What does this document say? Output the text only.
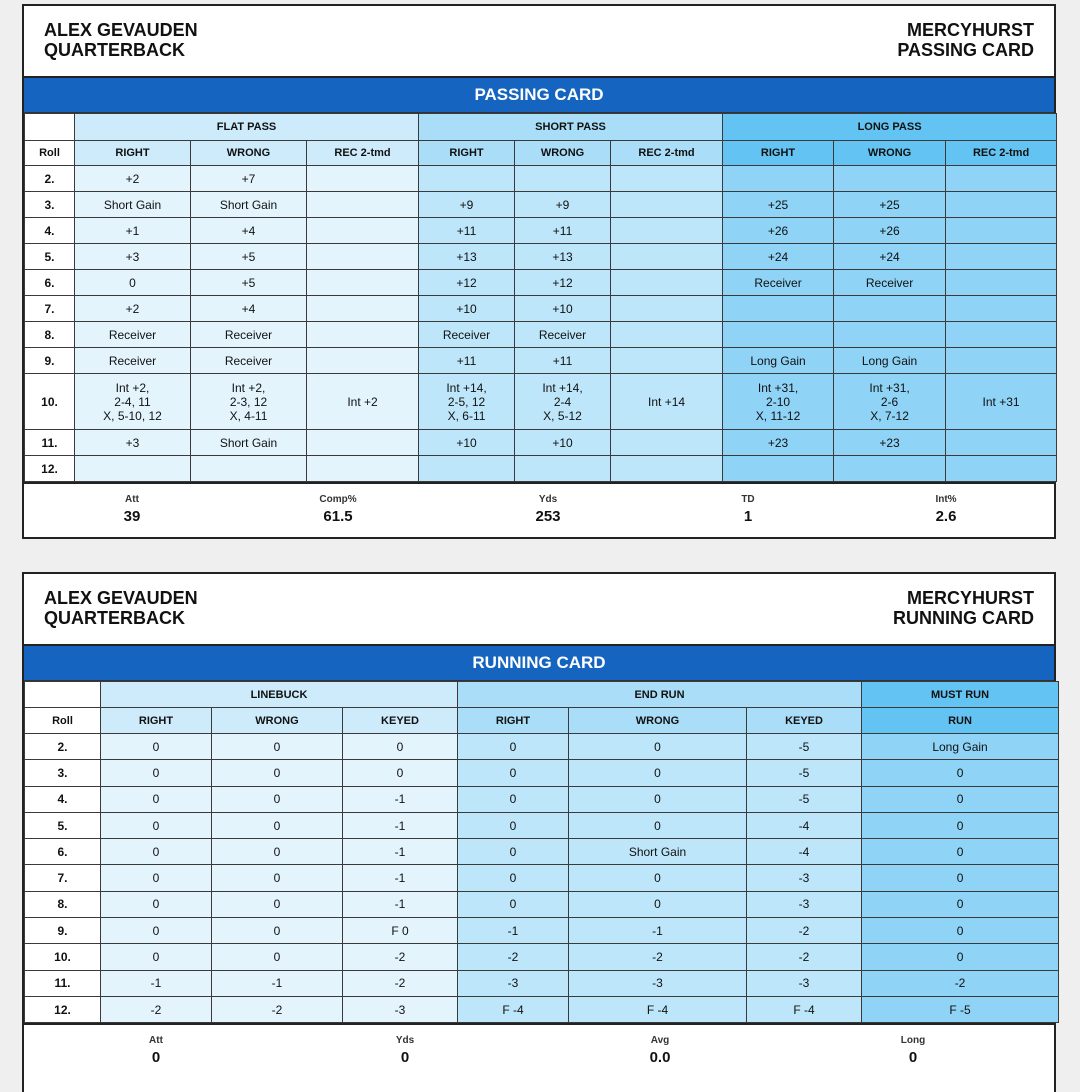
ALEX GEVAUDEN
QUARTERBACK
MERCYHURST
PASSING CARD
PASSING CARD
	FLAT PASS			SHORT PASS			LONG PASS		
Roll	RIGHT	WRONG	REC 2-tmd	RIGHT	WRONG	REC 2-tmd	RIGHT	WRONG	REC 2-tmd
2.	+2	+7							
3.	Short Gain	Short Gain		+9	+9		+25	+25	
4.	+1	+4		+11	+11		+26	+26	
5.	+3	+5		+13	+13		+24	+24	
6.	0	+5		+12	+12		Receiver	Receiver	
7.	+2	+4		+10	+10				
8.	Receiver	Receiver		Receiver	Receiver				
9.	Receiver	Receiver		+11	+11		Long Gain	Long Gain	
10.	Int +2,
2-4, 11
X, 5-10, 12	Int +2,
2-3, 12
X, 4-11	Int +2	Int +14,
2-5, 12
X, 6-11	Int +14,
2-4
X, 5-12	Int +14	Int +31,
2-10
X, 11-12	Int +31,
2-6
X, 7-12	Int +31
11.	+3	Short Gain		+10	+10		+23	+23	
12.									
Att
39
Comp%
61.5
Yds
253
TD
1
Int%
2.6
ALEX GEVAUDEN
QUARTERBACK
MERCYHURST
RUNNING CARD
RUNNING CARD
	LINEBUCK			END RUN			MUST RUN
Roll	RIGHT	WRONG	KEYED	RIGHT	WRONG	KEYED	RUN
2.	0	0	0	0	0	-5	Long Gain
3.	0	0	0	0	0	-5	0
4.	0	0	-1	0	0	-5	0
5.	0	0	-1	0	0	-4	0
6.	0	0	-1	0	Short Gain	-4	0
7.	0	0	-1	0	0	-3	0
8.	0	0	-1	0	0	-3	0
9.	0	0	F 0	-1	-1	-2	0
10.	0	0	-2	-2	-2	-2	0
11.	-1	-1	-2	-3	-3	-3	-2
12.	-2	-2	-3	F -4	F -4	F -4	F -5
Att
0
Yds
0
Avg
0.0
Long
0
